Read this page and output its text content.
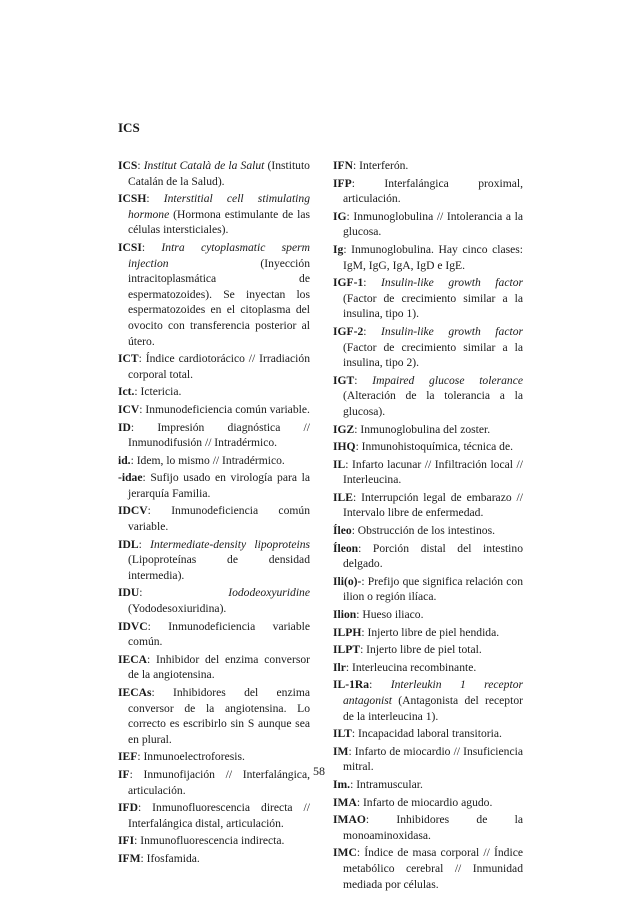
ICS
ICS: Institut Català de la Salut (Instituto Catalán de la Salud).
ICSH: Interstitial cell stimulating hormone (Hormona estimulante de las células intersticiales).
ICSI: Intra cytoplasmatic sperm injection (Inyección intracitoplasmática de espermatozoides). Se inyectan los espermatozoides en el citoplasma del ovocito con transferencia posterior al útero.
ICT: Índice cardiotorácico // Irradiación corporal total.
Ict.: Ictericia.
ICV: Inmunodeficiencia común variable.
ID: Impresión diagnóstica // Inmunodifusión // Intradérmico.
id.: Idem, lo mismo // Intradérmico.
-idae: Sufijo usado en virología para la jerarquía Familia.
IDCV: Inmunodeficiencia común variable.
IDL: Intermediate-density lipoproteins (Lipoproteínas de densidad intermedia).
IDU: Iododeoxyuridine (Yododesoxiuridina).
IDVC: Inmunodeficiencia variable común.
IECA: Inhibidor del enzima conversor de la angiotensina.
IECAs: Inhibidores del enzima conversor de la angiotensina. Lo correcto es escribirlo sin S aunque sea en plural.
IEF: Inmunoelectroforesis.
IF: Inmunofijación // Interfalángica, articulación.
IFD: Inmunofluorescencia directa // Interfalángica distal, articulación.
IFI: Inmunofluorescencia indirecta.
IFM: Ifosfamida.
IFN: Interferón.
IFP: Interfalángica proximal, articulación.
IG: Inmunoglobulina // Intolerancia a la glucosa.
Ig: Inmunoglobulina. Hay cinco clases: IgM, IgG, IgA, IgD e IgE.
IGF-1: Insulin-like growth factor (Factor de crecimiento similar a la insulina, tipo 1).
IGF-2: Insulin-like growth factor (Factor de crecimiento similar a la insulina, tipo 2).
IGT: Impaired glucose tolerance (Alteración de la tolerancia a la glucosa).
IGZ: Inmunoglobulina del zoster.
IHQ: Inmunohistoquímica, técnica de.
IL: Infarto lacunar // Infiltración local // Interleucina.
ILE: Interrupción legal de embarazo // Intervalo libre de enfermedad.
Íleo: Obstrucción de los intestinos.
Íleon: Porción distal del intestino delgado.
Ili(o)-: Prefijo que significa relación con ilion o región ilíaca.
Ilion: Hueso iliaco.
ILPH: Injerto libre de piel hendida.
ILPT: Injerto libre de piel total.
Ilr: Interleucina recombinante.
IL-1Ra: Interleukin 1 receptor antagonist (Antagonista del receptor de la interleucina 1).
ILT: Incapacidad laboral transitoria.
IM: Infarto de miocardio // Insuficiencia mitral.
Im.: Intramuscular.
IMA: Infarto de miocardio agudo.
IMAO: Inhibidores de la monoaminoxidasa.
IMC: Índice de masa corporal // Índice metabólico cerebral // Inmunidad mediada por células.
58
